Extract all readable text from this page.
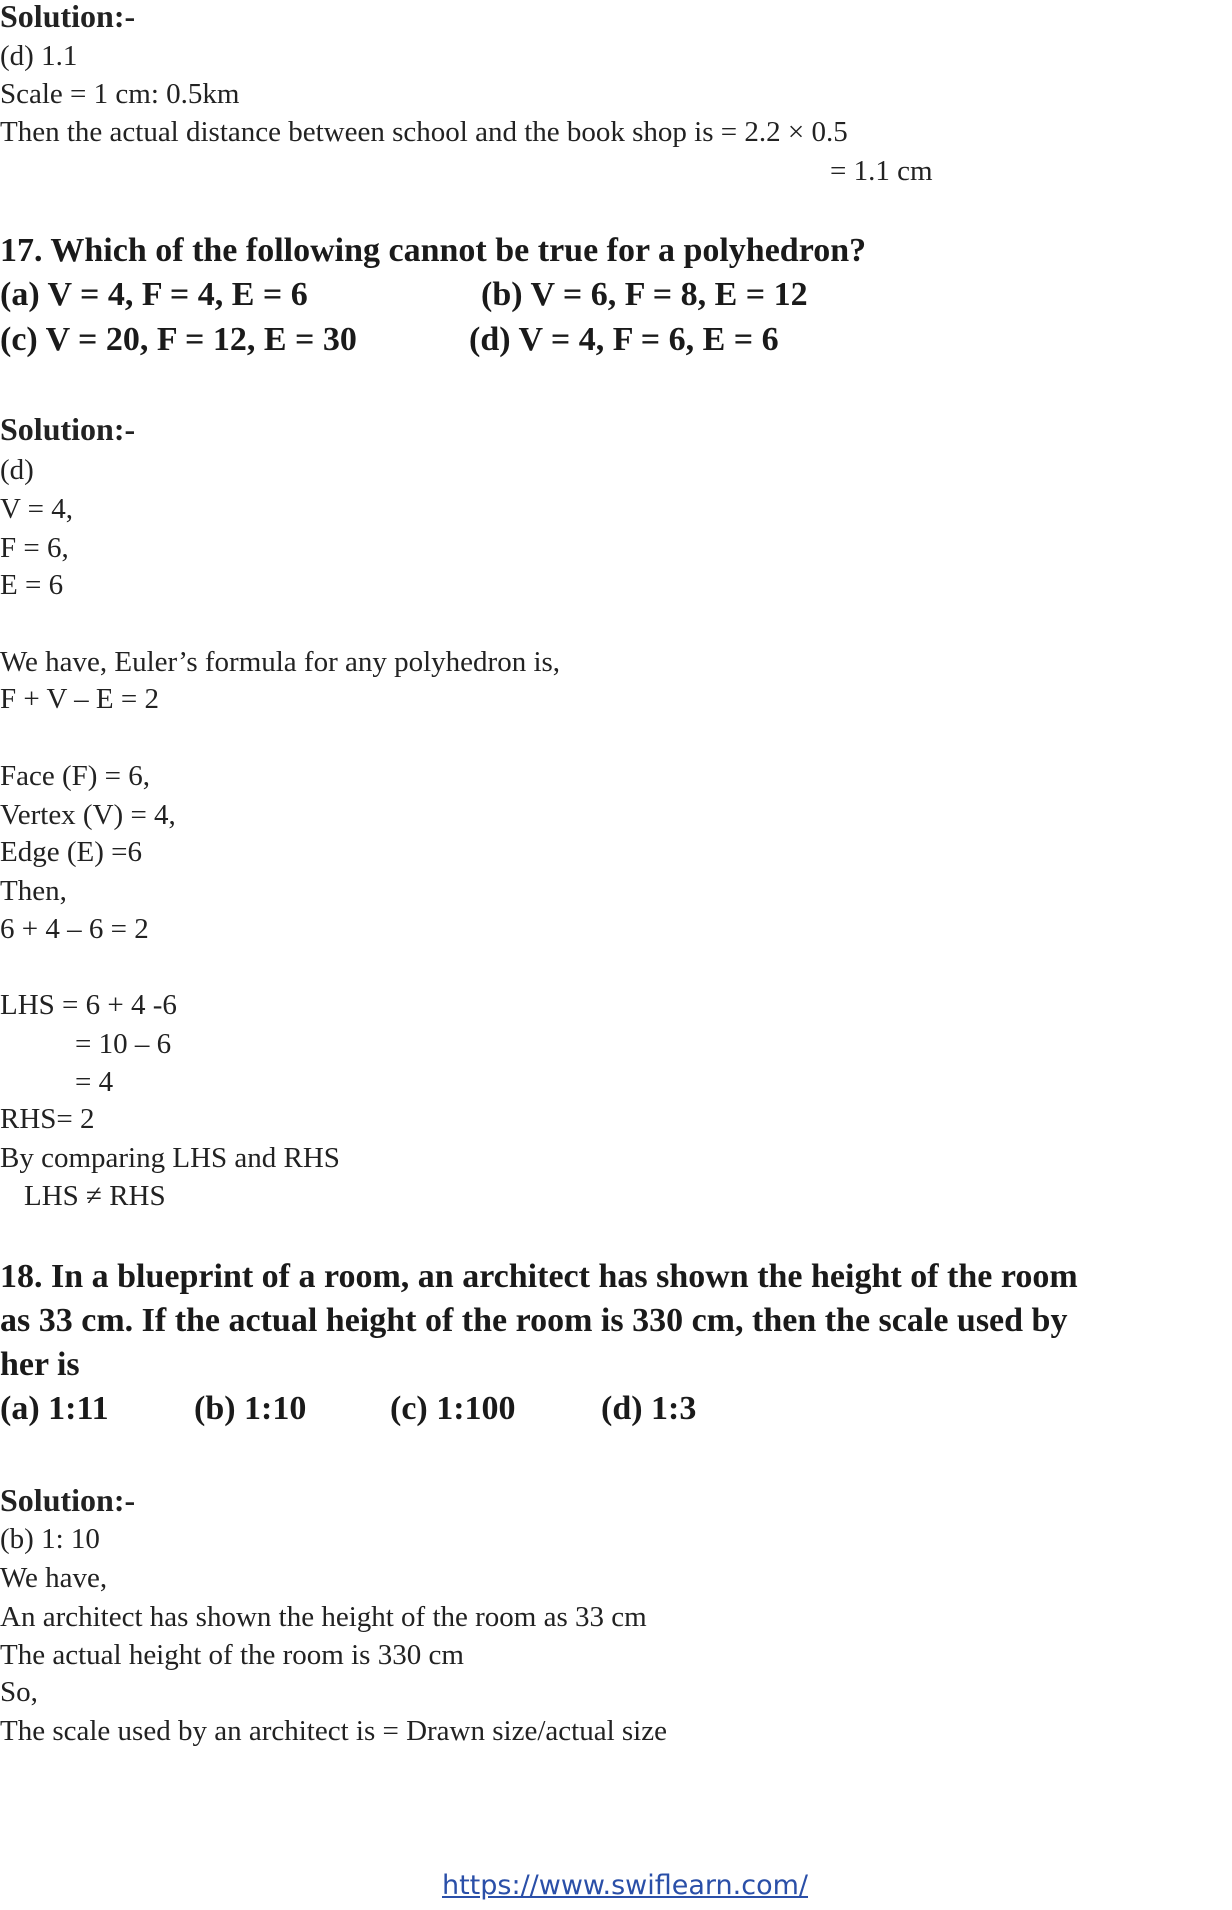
Solution:-
(d) 1.1
Scale = 1 cm: 0.5km
Then the actual distance between school and the book shop is = 2.2 × 0.5
= 1.1 cm
17. Which of the following cannot be true for a polyhedron?
(a) V = 4, F = 4, E = 6	(b) V = 6, F = 8, E = 12
(c) V = 20, F = 12, E = 30	(d) V = 4, F = 6, E = 6
Solution:-
(d)
V = 4,
F = 6,
E = 6
We have, Euler’s formula for any polyhedron is,
F + V – E = 2
Face (F) = 6,
Vertex (V) = 4,
Edge (E) =6
Then,
6 + 4 – 6 = 2
LHS = 6 + 4 -6
= 10 – 6
= 4
RHS= 2
By comparing LHS and RHS
LHS ≠ RHS
18. In a blueprint of a room, an architect has shown the height of the room
as 33 cm. If the actual height of the room is 330 cm, then the scale used by
her is
(a) 1:11	(b) 1:10 (c) 1:100	(d) 1:3
Solution:-
(b) 1: 10
We have,
An architect has shown the height of the room as 33 cm
The actual height of the room is 330 cm
So,
The scale used by an architect is = Drawn size/actual size
https://www.swiflearn.com/
